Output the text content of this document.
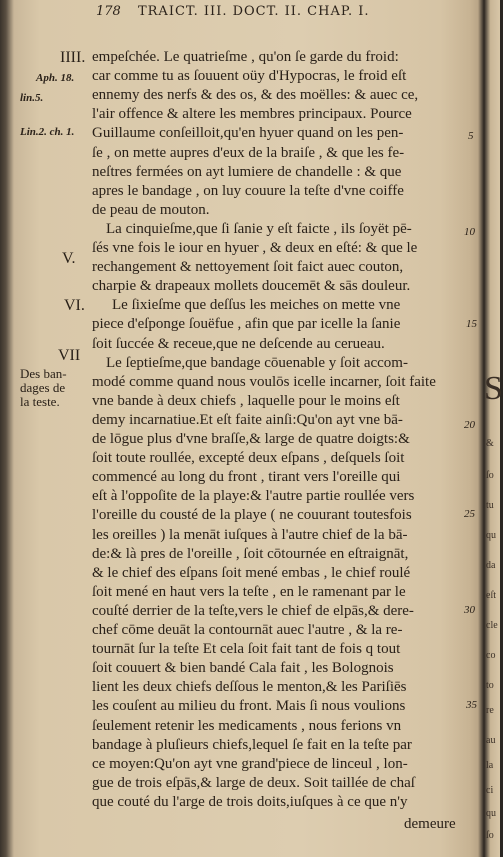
178 TRAICT. III. DOCT. II. CHAP. I.
IIII.
Aph. 18.
lin.5.
Lin.2. ch. 1.
V.
VI.
VII
Des ban-
dages de
la teste.
empeſchée. Le quatrieſme , qu'on ſe garde du froid:
car comme tu as ſouuent oüy d'Hypocras, le froid eſt
ennemy des nerfs & des os, & des moëlles: & auec ce,
l'air offence & altere les membres principaux. Pource
Guillaume conſeilloit,qu'en hyuer quand on les pen-
ſe , on mette aupres d'eux de la braiſe , & que les fe-
neſtres fermées on ayt lumiere de chandelle : & que
apres le bandage , on luy couure la teſte d'vne coiffe
de peau de mouton.
La cinquieſme,que ſi ſanie y eſt faicte , ils ſoyët pē-
ſés vne fois le iour en hyuer , & deux en eſté: & que le
rechangement & nettoyement ſoit faict auec couton,
charpie & drapeaux mollets doucemēt & sās douleur.
Le ſixieſme que deſſus les meiches on mette vne
piece d'eſponge ſouëfue , afin que par icelle la ſanie
ſoit ſuccée & receue,que ne deſcende au cerueau.
Le ſeptieſme,que bandage cōuenable y ſoit accom-
modé comme quand nous voulōs icelle incarner, ſoit faite
vne bande à deux chiefs , laquelle pour le moins eſt
demy incarnatiue.Et eſt faite ainſi:Qu'on ayt vne bā-
de lōgue plus d'vne braſſe,& large de quatre doigts:&
ſoit toute roullée, excepté deux eſpans , deſquels ſoit
commencé au long du front , tirant vers l'oreille qui
eſt à l'oppoſite de la playe:& l'autre partie roullée vers
l'oreille du cousté de la playe ( ne couurant toutesfois
les oreilles ) la menāt iuſques à l'autre chief de la bā-
de:& là pres de l'oreille , ſoit cōtournée en eſtraignāt,
& le chief des eſpans ſoit mené embas , le chief roulé
ſoit mené en haut vers la teſte , en le ramenant par le
couſté derrier de la teſte,vers le chief de elpās,& dere-
chef cōme deuāt la contournāt auec l'autre , & la re-
tournāt ſur la teſte Et cela ſoit fait tant de fois q tout
ſoit couuert & bien bandé Cala fait , les Bolognois
lient les deux chiefs deſſous le menton,& les Pariſiēs
les couſent au milieu du front. Mais ſi nous voulions
ſeulement retenir les medicaments , nous ferions vn
bandage à pluſieurs chiefs,lequel ſe fait en la teſte par
ce moyen:Qu'on ayt vne grand'piece de linceul , lon-
gue de trois eſpās,& large de deux. Soit taillée de chaſ
que couté du l'arge de trois doits,iuſques à ce que n'y
5
10
15
20
25
30
35
demeure
S
&
ſo
tu
qu
da
eſt
cle
co
to
re
au
la
ci
qu
ſo
